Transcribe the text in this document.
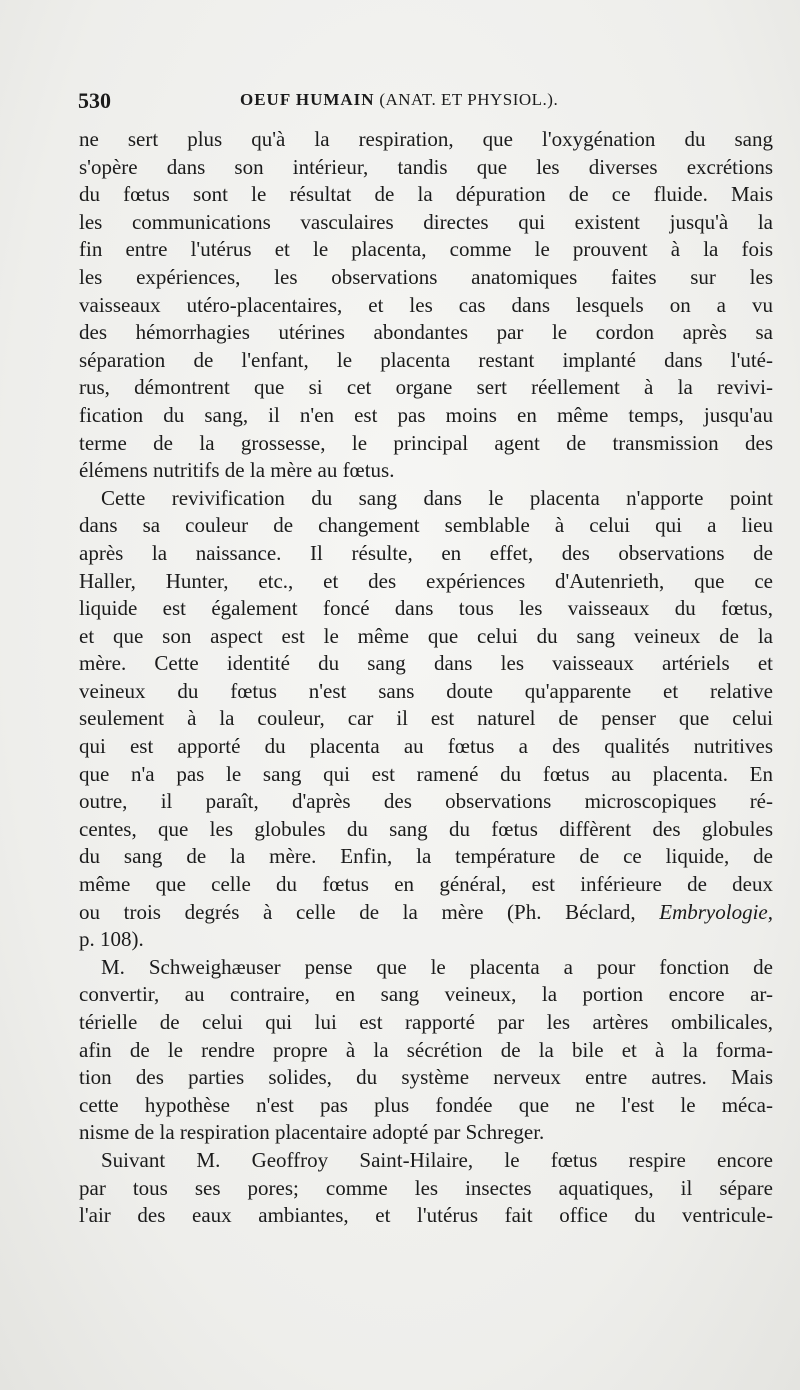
530	OEUF HUMAIN (ANAT. ET PHYSIOL.).
ne sert plus qu'à la respiration, que l'oxygénation du sang
s'opère dans son intérieur, tandis que les diverses excrétions
du fœtus sont le résultat de la dépuration de ce fluide. Mais
les communications vasculaires directes qui existent jusqu'à la
fin entre l'utérus et le placenta, comme le prouvent à la fois
les expériences, les observations anatomiques faites sur les
vaisseaux utéro-placentaires, et les cas dans lesquels on a vu
des hémorrhagies utérines abondantes par le cordon après sa
séparation de l'enfant, le placenta restant implanté dans l'uté-
rus, démontrent que si cet organe sert réellement à la revivi-
fication du sang, il n'en est pas moins en même temps, jusqu'au
terme de la grossesse, le principal agent de transmission des
élémens nutritifs de la mère au fœtus.
Cette revivification du sang dans le placenta n'apporte point
dans sa couleur de changement semblable à celui qui a lieu
après la naissance. Il résulte, en effet, des observations de
Haller, Hunter, etc., et des expériences d'Autenrieth, que ce
liquide est également foncé dans tous les vaisseaux du fœtus,
et que son aspect est le même que celui du sang veineux de la
mère. Cette identité du sang dans les vaisseaux artériels et
veineux du fœtus n'est sans doute qu'apparente et relative
seulement à la couleur, car il est naturel de penser que celui
qui est apporté du placenta au fœtus a des qualités nutritives
que n'a pas le sang qui est ramené du fœtus au placenta. En
outre, il paraît, d'après des observations microscopiques ré-
centes, que les globules du sang du fœtus diffèrent des globules
du sang de la mère. Enfin, la température de ce liquide, de
même que celle du fœtus en général, est inférieure de deux
ou trois degrés à celle de la mère (Ph. Béclard, Embryologie,
p. 108).
M. Schweighæuser pense que le placenta a pour fonction de
convertir, au contraire, en sang veineux, la portion encore ar-
térielle de celui qui lui est rapporté par les artères ombilicales,
afin de le rendre propre à la sécrétion de la bile et à la forma-
tion des parties solides, du système nerveux entre autres. Mais
cette hypothèse n'est pas plus fondée que ne l'est le méca-
nisme de la respiration placentaire adopté par Schreger.
Suivant M. Geoffroy Saint-Hilaire, le fœtus respire encore
par tous ses pores; comme les insectes aquatiques, il sépare
l'air des eaux ambiantes, et l'utérus fait office du ventricule-
